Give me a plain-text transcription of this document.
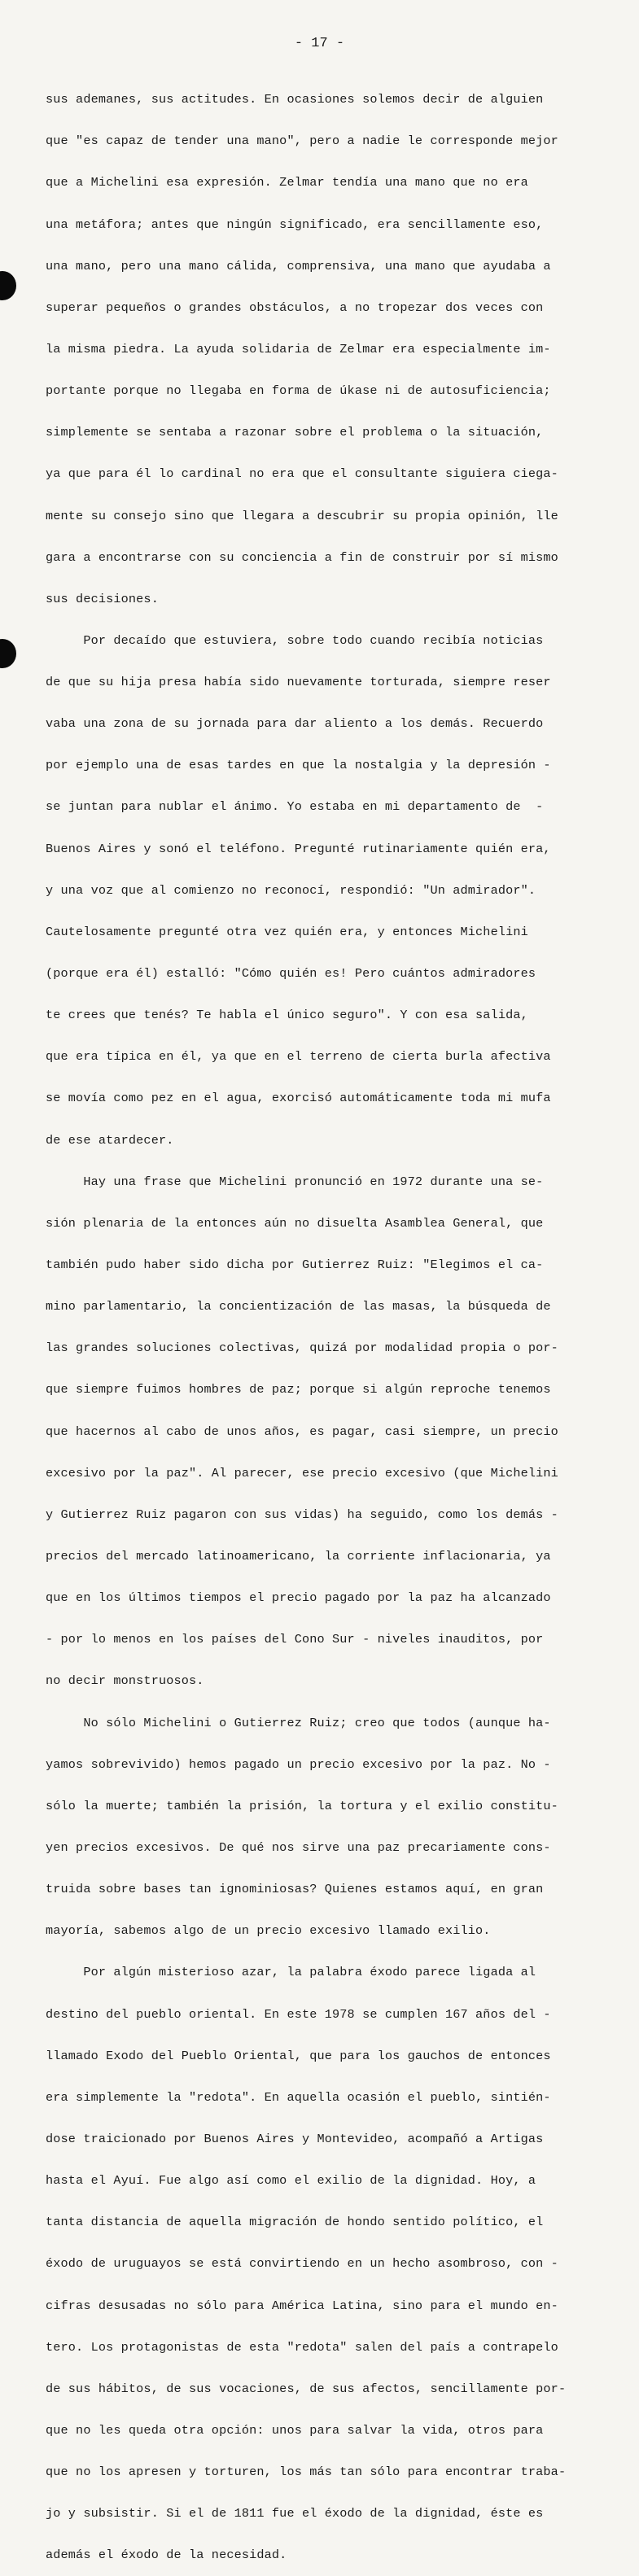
- 17 -

sus ademanes, sus actitudes. En ocasiones solemos decir de alguien

que "es capaz de tender una mano", pero a nadie le corresponde mejor

que a Michelini esa expresión. Zelmar tendía una mano que no era

una metáfora; antes que ningún significado, era sencillamente eso,

una mano, pero una mano cálida, comprensiva, una mano que ayudaba a

superar pequeños o grandes obstáculos, a no tropezar dos veces con

la misma piedra. La ayuda solidaria de Zelmar era especialmente im-

portante porque no llegaba en forma de úkase ni de autosuficiencia;

simplemente se sentaba a razonar sobre el problema o la situación,

ya que para él lo cardinal no era que el consultante siguiera ciega-

mente su consejo sino que llegara a descubrir su propia opinión, lle

gara a encontrarse con su conciencia a fin de construir por sí mismo

sus decisiones.

Por decaído que estuviera, sobre todo cuando recibía noticias

de que su hija presa había sido nuevamente torturada, siempre reser

vaba una zona de su jornada para dar aliento a los demás. Recuerdo

por ejemplo una de esas tardes en que la nostalgia y la depresión -

se juntan para nublar el ánimo. Yo estaba en mi departamento de  -

Buenos Aires y sonó el teléfono. Pregunté rutinariamente quién era,

y una voz que al comienzo no reconocí, respondió: "Un admirador".

Cautelosamente pregunté otra vez quién era, y entonces Michelini

(porque era él) estalló: "Cómo quién es! Pero cuántos admiradores

te crees que tenés? Te habla el único seguro". Y con esa salida,

que era típica en él, ya que en el terreno de cierta burla afectiva

se movía como pez en el agua, exorcisó automáticamente toda mi mufa

de ese atardecer.

Hay una frase que Michelini pronunció en 1972 durante una se-

sión plenaria de la entonces aún no disuelta Asamblea General, que

también pudo haber sido dicha por Gutierrez Ruiz: "Elegimos el ca-

mino parlamentario, la concientización de las masas, la búsqueda de

las grandes soluciones colectivas, quizá por modalidad propia o por-

que siempre fuimos hombres de paz; porque si algún reproche tenemos

que hacernos al cabo de unos años, es pagar, casi siempre, un precio

excesivo por la paz". Al parecer, ese precio excesivo (que Michelini

y Gutierrez Ruiz pagaron con sus vidas) ha seguido, como los demás -

precios del mercado latinoamericano, la corriente inflacionaria, ya

que en los últimos tiempos el precio pagado por la paz ha alcanzado

- por lo menos en los países del Cono Sur - niveles inauditos, por

no decir monstruosos.

No sólo Michelini o Gutierrez Ruiz; creo que todos (aunque ha-

yamos sobrevivido) hemos pagado un precio excesivo por la paz. No -

sólo la muerte; también la prisión, la tortura y el exilio constitu-

yen precios excesivos. De qué nos sirve una paz precariamente cons-

truida sobre bases tan ignominiosas? Quienes estamos aquí, en gran

mayoría, sabemos algo de un precio excesivo llamado exilio.

Por algún misterioso azar, la palabra éxodo parece ligada al

destino del pueblo oriental. En este 1978 se cumplen 167 años del -

llamado Exodo del Pueblo Oriental, que para los gauchos de entonces

era simplemente la "redota". En aquella ocasión el pueblo, sintién-

dose traicionado por Buenos Aires y Montevideo, acompañó a Artigas

hasta el Ayuí. Fue algo así como el exilio de la dignidad. Hoy, a

tanta distancia de aquella migración de hondo sentido político, el

éxodo de uruguayos se está convirtiendo en un hecho asombroso, con -

cifras desusadas no sólo para América Latina, sino para el mundo en-

tero. Los protagonistas de esta "redota" salen del país a contrapelo

de sus hábitos, de sus vocaciones, de sus afectos, sencillamente por-

que no les queda otra opción: unos para salvar la vida, otros para

que no los apresen y torturen, los más tan sólo para encontrar traba-

jo y subsistir. Si el de 1811 fue el éxodo de la dignidad, éste es

además el éxodo de la necesidad.
